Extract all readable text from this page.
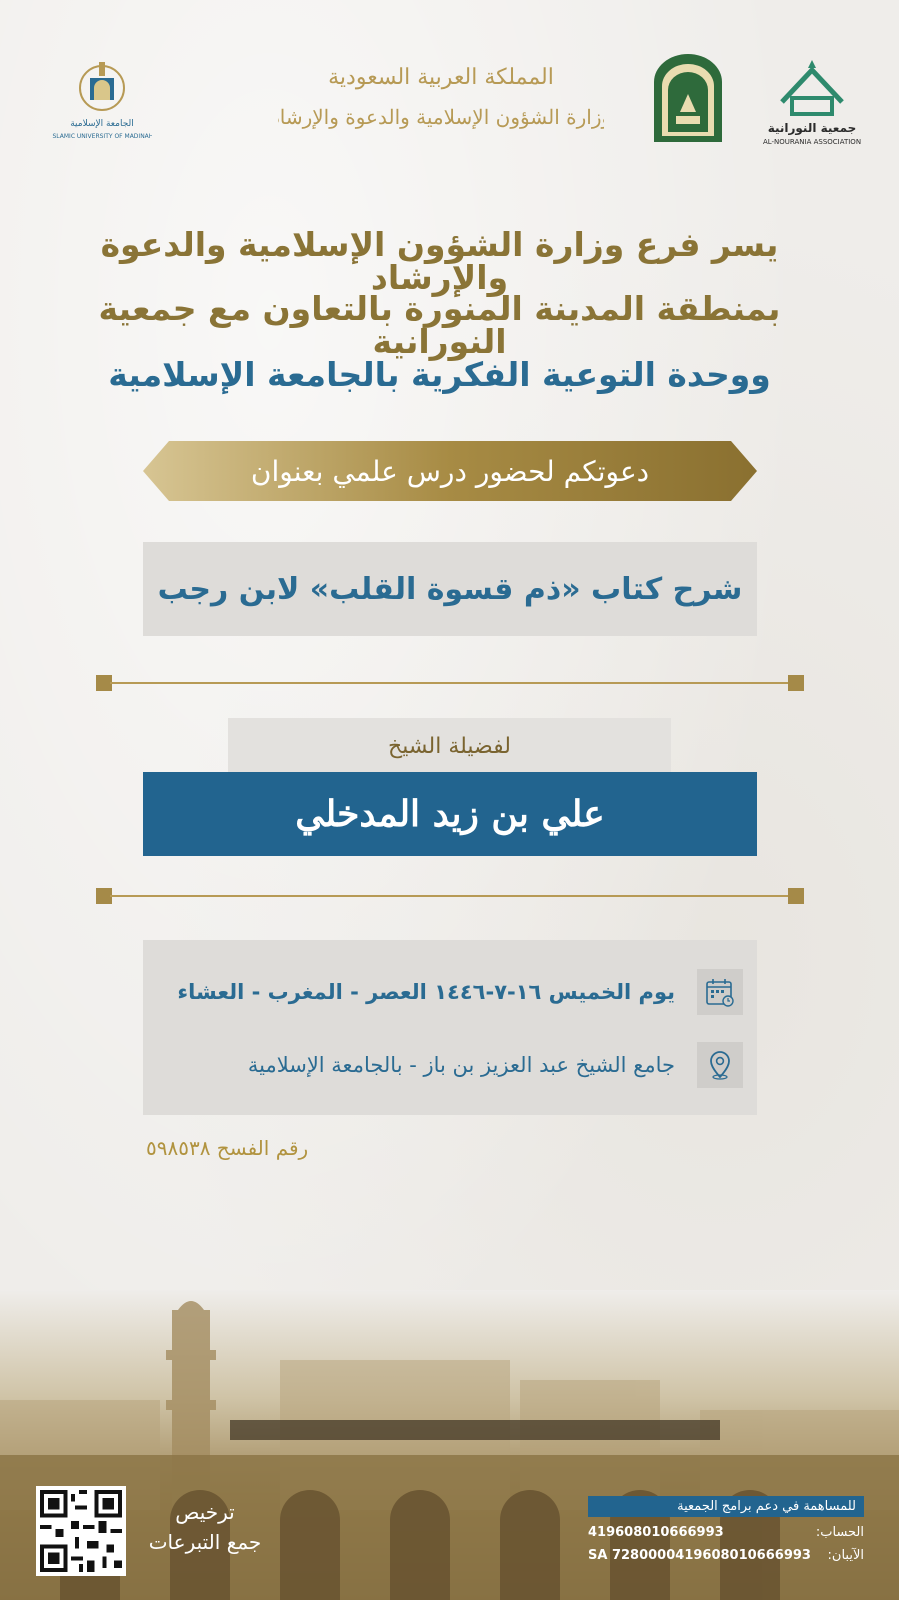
الجامعة الإسلامية
ISLAMIC UNIVERSITY OF MADINAH
المملكة العربية السعودية
وزارة الشؤون الإسلامية والدعوة والإرشاد	جمعية النورانية
AL-NOURANIA ASSOCIATION
يسر فرع وزارة الشؤون الإسلامية والدعوة والإرشاد
بمنطقة المدينة المنورة بالتعاون مع جمعية النورانية
ووحدة التوعية الفكرية بالجامعة الإسلامية
دعوتكم لحضور درس علمي بعنوان
شرح كتاب «ذم قسوة القلب» لابن رجب
لفضيلة الشيخ
علي بن زيد المدخلي
يوم الخميس ١٦-٧-١٤٤٦ العصر - المغرب - العشاء
جامع الشيخ عبد العزيز بن باز - بالجامعة الإسلامية
رقم الفسح ٥٩٨٥٣٨
ترخيص
جمع التبرعات
للمساهمة في دعم برامج الجمعية
الحساب:
419608010666993
الآيبان:
SA 7280000419608010666993
